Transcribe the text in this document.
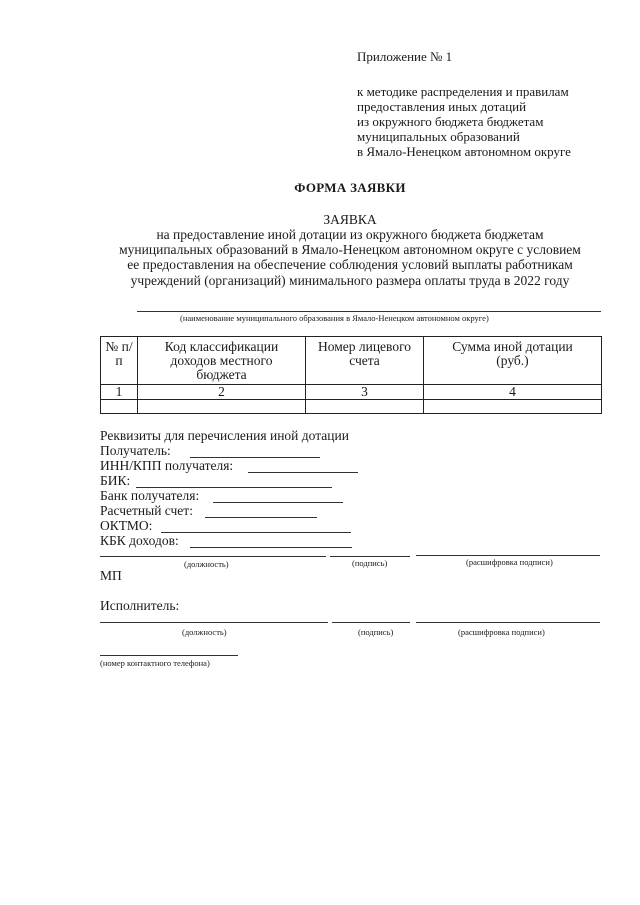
Приложение № 1
к методике распределения и правилам
предоставления иных дотаций
из окружного бюджета бюджетам
муниципальных образований
в Ямало-Ненецком автономном округе
ФОРМА ЗАЯВКИ
ЗАЯВКА
на предоставление иной дотации из окружного бюджета бюджетам
муниципальных образований в Ямало-Ненецком автономном округе с условием
ее предоставления на обеспечение соблюдения условий выплаты работникам
учреждений (организаций) минимального размера оплаты труда в 2022 году
(наименование муниципального образования в Ямало-Ненецком автономном округе)
№ п/п	Код классификации доходов местного бюджета	Номер лицевого счета	Сумма иной дотации (руб.)
1	2	3	4

Реквизиты для перечисления иной дотации
Получатель:
ИНН/КПП получателя:
БИК:
Банк получателя:
Расчетный счет:
ОКТМО:
КБК доходов:
(должность)	(подпись)	(расшифровка подписи)
МП
Исполнитель:
(должность)	(подпись)	(расшифровка подписи)
(номер контактного телефона)
